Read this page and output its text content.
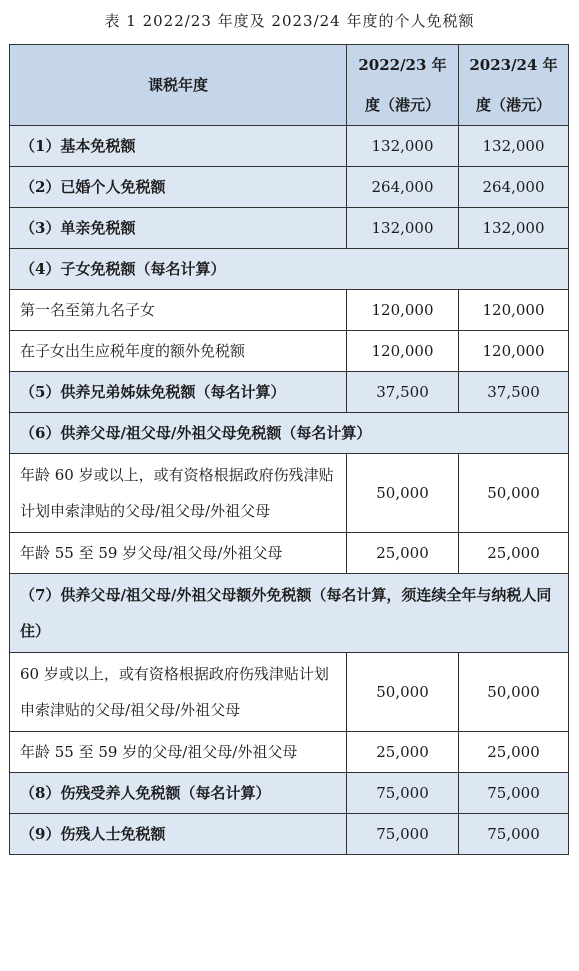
表 1 2022/23 年度及 2023/24 年度的个人免税额
课税年度	2022/23 年度（港元）	2023/24 年度（港元）
（1）基本免税额	132,000	132,000
（2）已婚个人免税额	264,000	264,000
（3）单亲免税额	132,000	132,000
（4）子女免税额（每名计算）		
第一名至第九名子女	120,000	120,000
在子女出生应税年度的额外免税额	120,000	120,000
（5）供养兄弟姊妹免税额（每名计算）	37,500	37,500
（6）供养父母/祖父母/外祖父母免税额（每名计算）		
年龄 60 岁或以上，或有资格根据政府伤残津贴计划申索津贴的父母/祖父母/外祖父母	50,000	50,000
年龄 55 至 59 岁父母/祖父母/外祖父母	25,000	25,000
（7）供养父母/祖父母/外祖父母额外免税额（每名计算，须连续全年与纳税人同住）		
60 岁或以上，或有资格根据政府伤残津贴计划申索津贴的父母/祖父母/外祖父母	50,000	50,000
年龄 55 至 59 岁的父母/祖父母/外祖父母	25,000	25,000
（8）伤残受养人免税额（每名计算）	75,000	75,000
（9）伤残人士免税额	75,000	75,000
